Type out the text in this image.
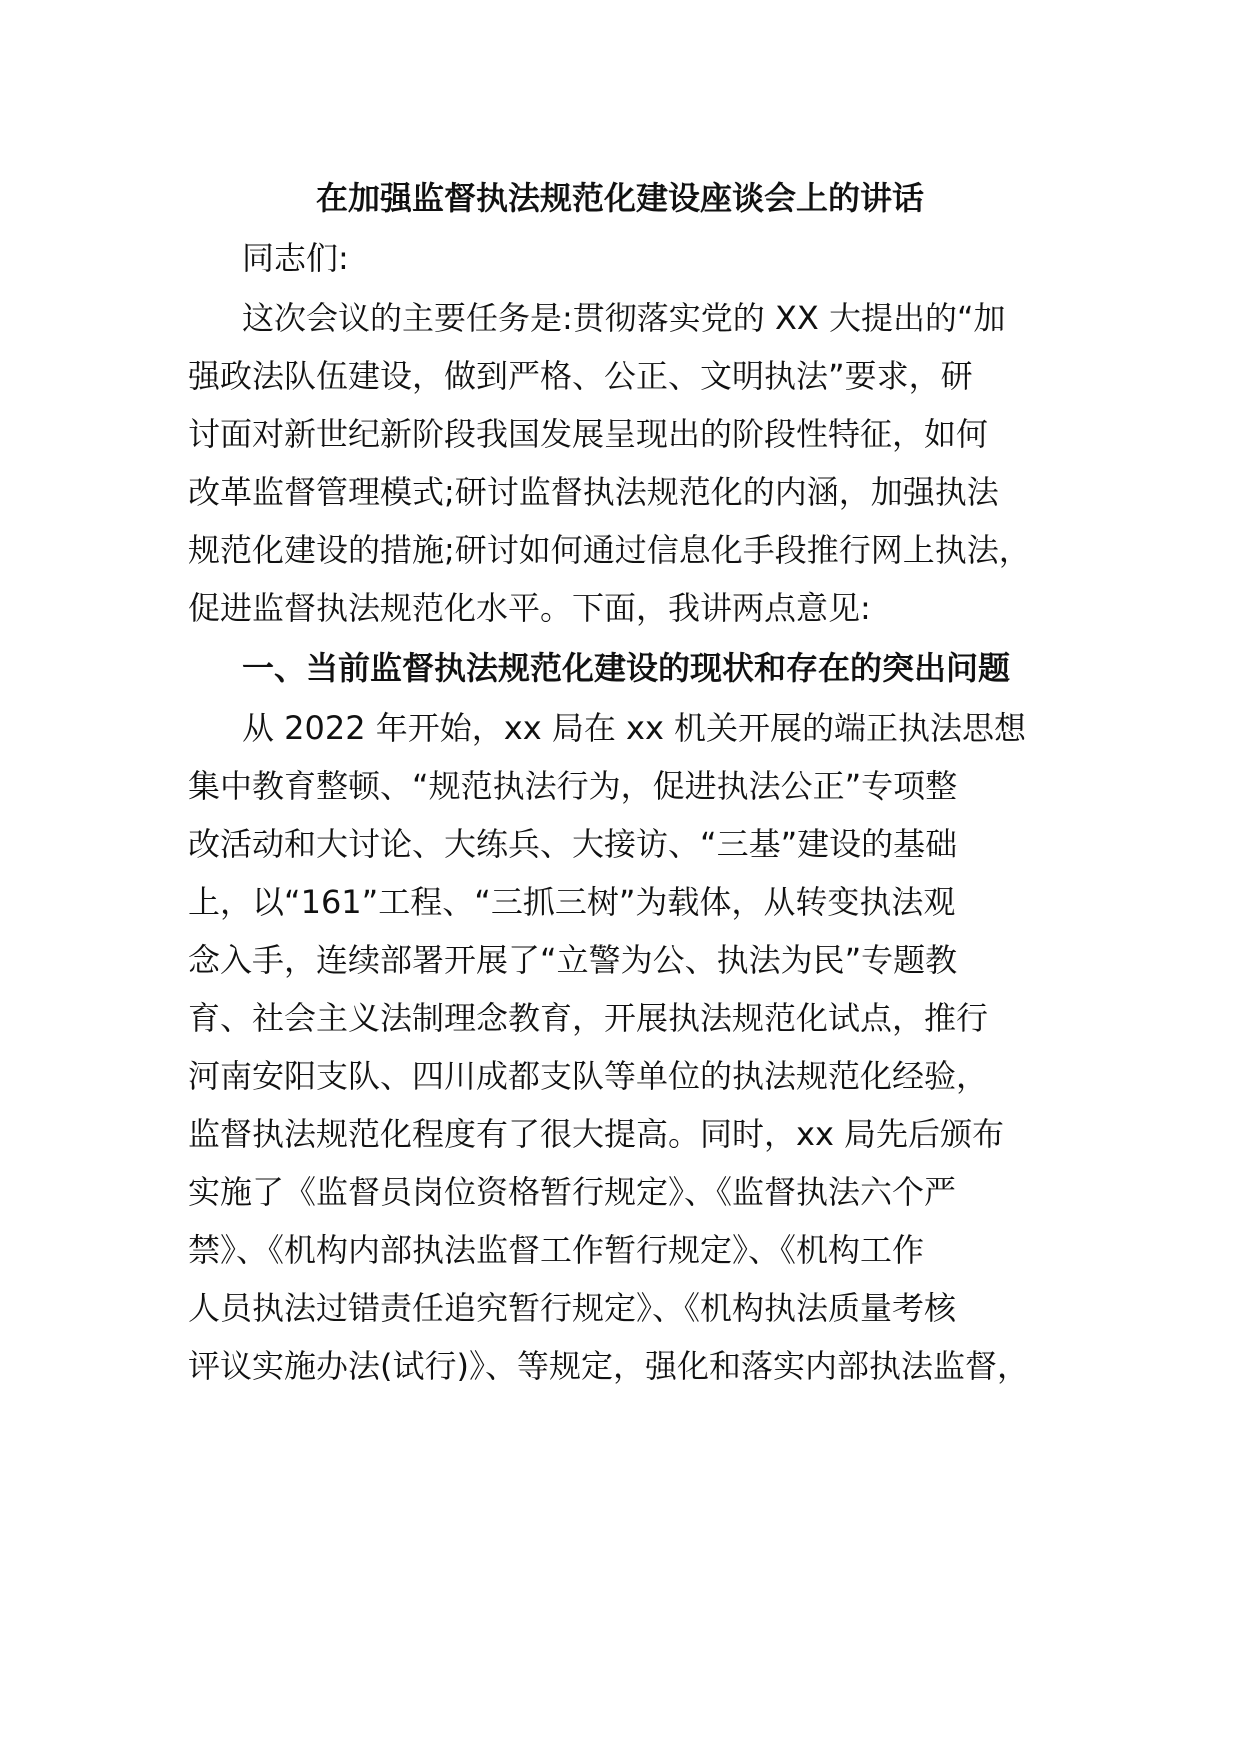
在加强监督执法规范化建设座谈会上的讲话
同志们:
这次会议的主要任务是:贯彻落实党的 XX 大提出的“加
强政法队伍建设，做到严格、公正、文明执法”要求，研
讨面对新世纪新阶段我国发展呈现出的阶段性特征，如何
改革监督管理模式;研讨监督执法规范化的内涵，加强执法
规范化建设的措施;研讨如何通过信息化手段推行网上执法，
促进监督执法规范化水平。下面，我讲两点意见:
一、当前监督执法规范化建设的现状和存在的突出问题
从 2022 年开始，xx 局在 xx 机关开展的端正执法思想
集中教育整顿、“规范执法行为，促进执法公正”专项整
改活动和大讨论、大练兵、大接访、“三基”建设的基础
上，以“161”工程、“三抓三树”为载体，从转变执法观
念入手，连续部署开展了“立警为公、执法为民”专题教
育、社会主义法制理念教育，开展执法规范化试点，推行
河南安阳支队、四川成都支队等单位的执法规范化经验，
监督执法规范化程度有了很大提高。同时，xx 局先后颁布
实施了《监督员岗位资格暂行规定》、《监督执法六个严
禁》、《机构内部执法监督工作暂行规定》、《机构工作
人员执法过错责任追究暂行规定》、《机构执法质量考核
评议实施办法(试行)》、等规定，强化和落实内部执法监督，
